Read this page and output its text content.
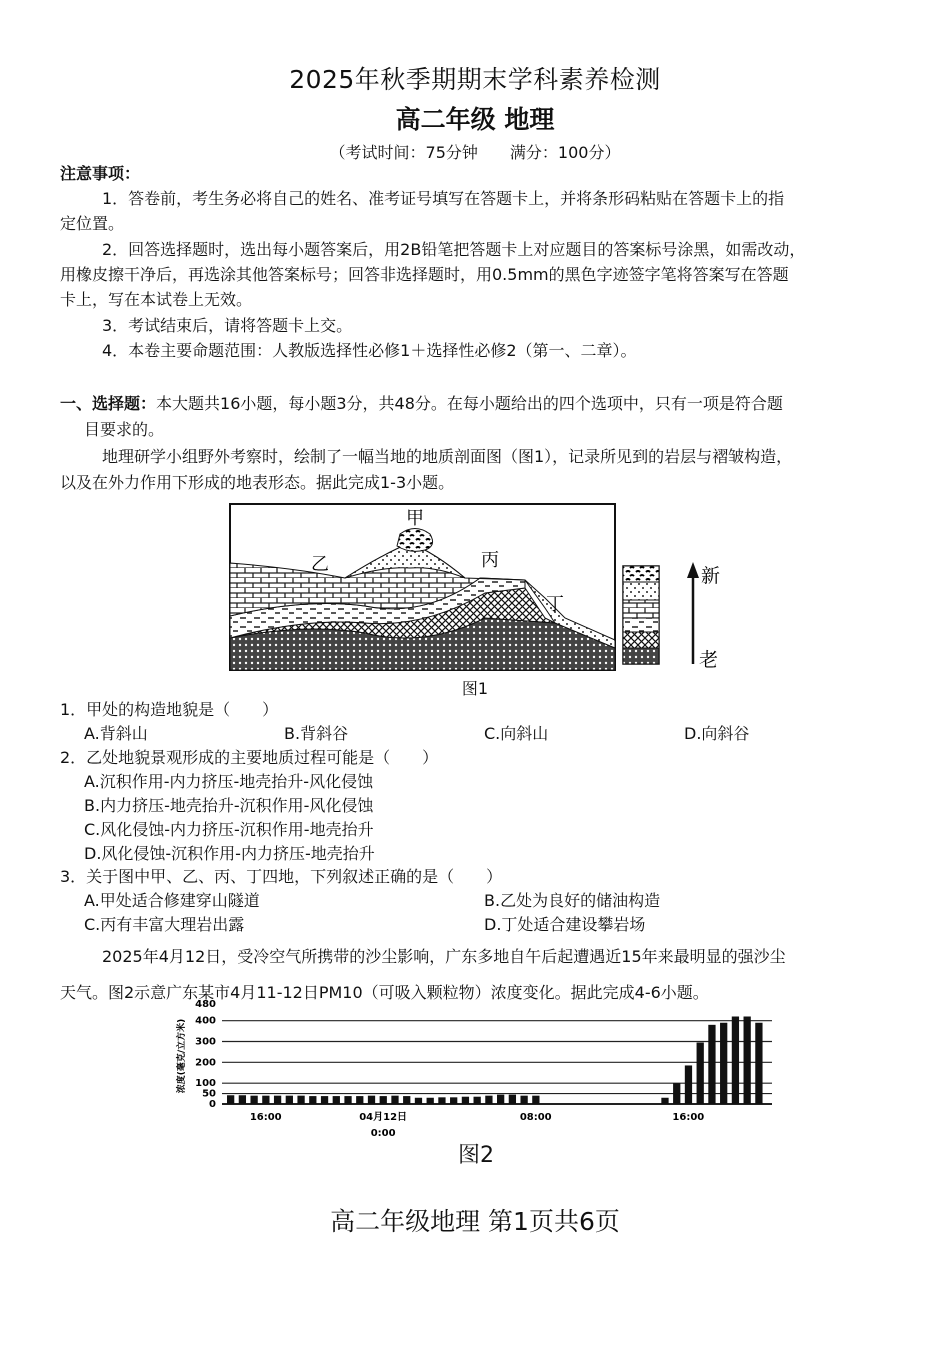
2025年秋季期期末学科素养检测
高二年级 地理
（考试时间：75分钟　　满分：100分）
注意事项：
1．答卷前，考生务必将自己的姓名、准考证号填写在答题卡上，并将条形码粘贴在答题卡上的指
定位置。
2．回答选择题时，选出每小题答案后，用2B铅笔把答题卡上对应题目的答案标号涂黑，如需改动，
用橡皮擦干净后，再选涂其他答案标号；回答非选择题时，用0.5mm的黑色字迹签字笔将答案写在答题
卡上，写在本试卷上无效。
3．考试结束后，请将答题卡上交。
4．本卷主要命题范围：人教版选择性必修1＋选择性必修2（第一、二章）。
一、选择题：本大题共16小题，每小题3分，共48分。在每小题给出的四个选项中，只有一项是符合题
目要求的。
地理研学小组野外考察时，绘制了一幅当地的地质剖面图（图1），记录所见到的岩层与褶皱构造，
以及在外力作用下形成的地表形态。据此完成1-3小题。
甲
乙	丙
丁
新
老
图1
1．甲处的构造地貌是（　　）
A.背斜山	B.背斜谷	C.向斜山	D.向斜谷
2．乙处地貌景观形成的主要地质过程可能是（　　）
A.沉积作用-内力挤压-地壳抬升-风化侵蚀
B.内力挤压-地壳抬升-沉积作用-风化侵蚀
C.风化侵蚀-内力挤压-沉积作用-地壳抬升
D.风化侵蚀-沉积作用-内力挤压-地壳抬升
3．关于图中甲、乙、丙、丁四地，下列叙述正确的是（　　）
A.甲处适合修建穿山隧道	B.乙处为良好的储油构造
C.丙有丰富大理岩出露	D.丁处适合建设攀岩场
2025年4月12日，受冷空气所携带的沙尘影响，广东多地自午后起遭遇近15年来最明显的强沙尘
天气。图2示意广东某市4月11-12日PM10（可吸入颗粒物）浓度变化。据此完成4-6小题。
0
50
100
200
300
400
480
16:00	04月12日
0:00
08:00	16:00
浓度(毫克/立方米)
图2
高二年级地理 第1页共6页
